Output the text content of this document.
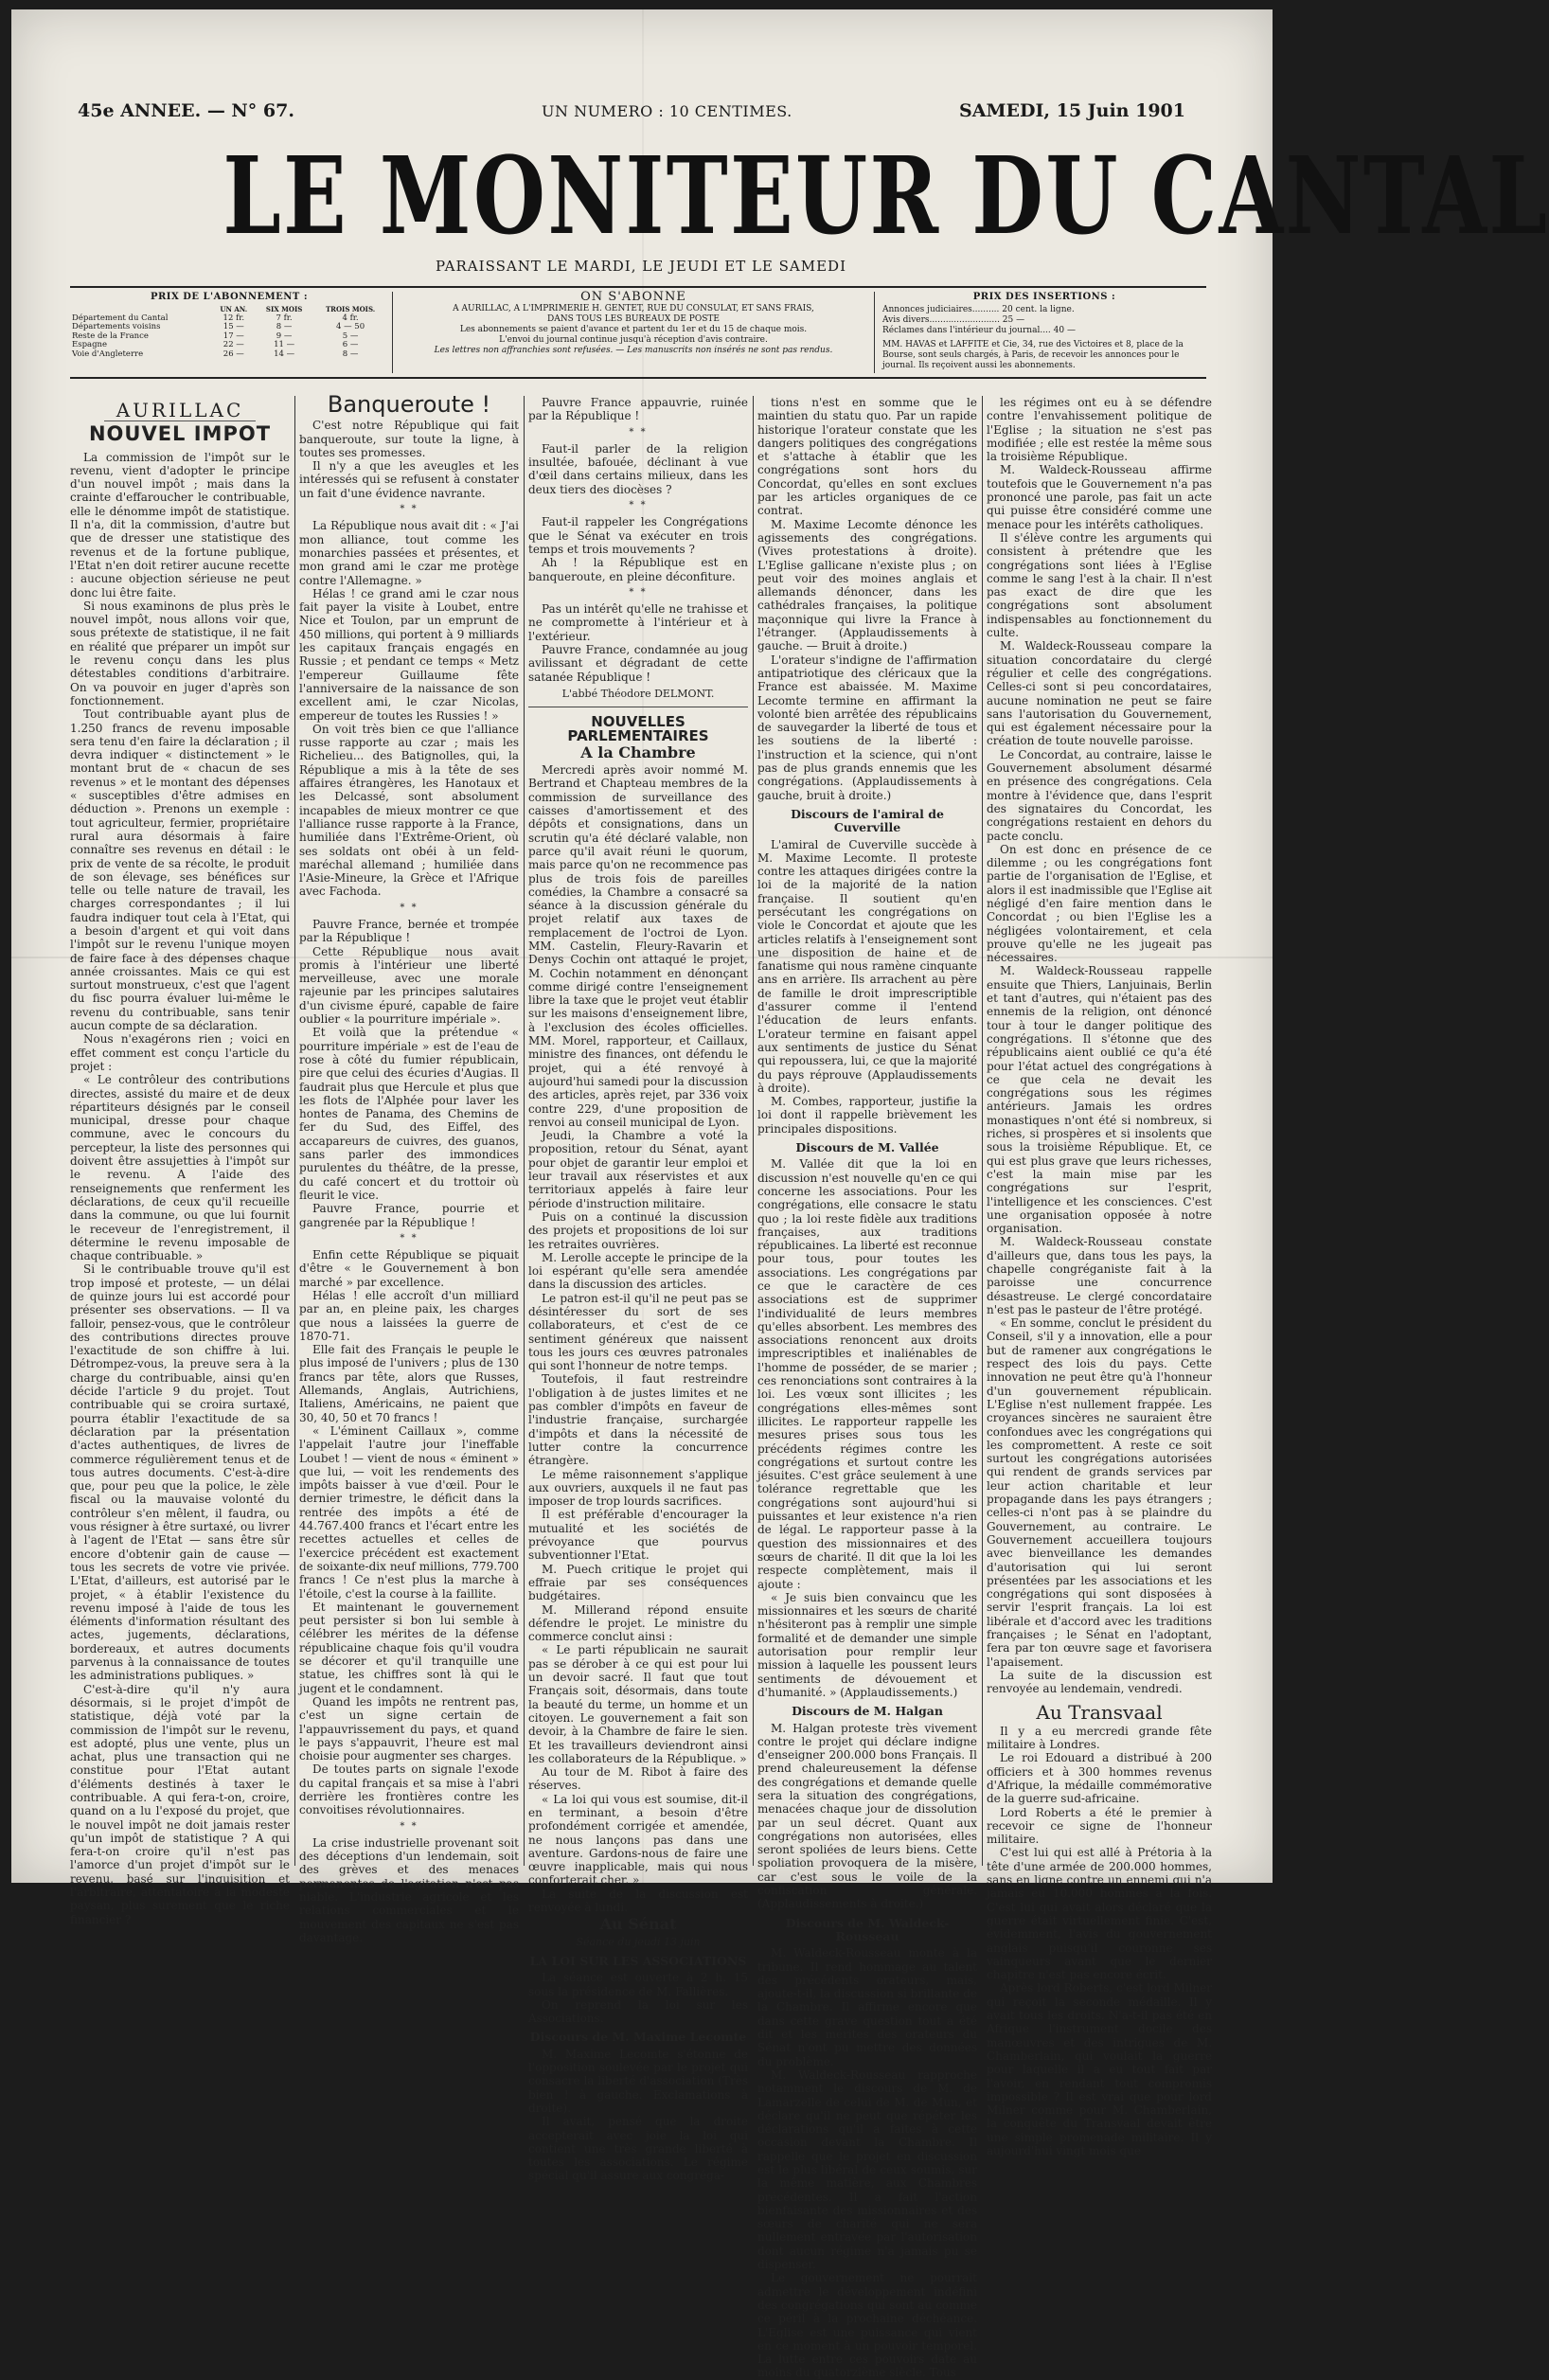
45e ANNEE. — N° 67.	UN NUMERO : 10 CENTIMES.	SAMEDI, 15 Juin 1901
LE MONITEUR DU CANTAL
PARAISSANT LE MARDI, LE JEUDI ET LE SAMEDI
PRIX DE L'ABONNEMENT :
	UN AN.	SIX MOIS	TROIS MOIS.
Département du Cantal	12 fr.	7 fr.	4 fr.
Départements voisins	15 —	8 —	4 — 50
Reste de la France	17 —	9 —	5 —
Espagne	22 —	11 —	6 —
Voie d'Angleterre	26 —	14 —	8 —
ON S'ABONNE
A AURILLAC, A L'IMPRIMERIE H. GENTET, RUE DU CONSULAT, ET SANS FRAIS,
DANS TOUS LES BUREAUX DE POSTE
Les abonnements se paient d'avance et partent du 1er et du 15 de chaque mois.
L'envoi du journal continue jusqu'à réception d'avis contraire.
Les lettres non affranchies sont refusées. — Les manuscrits non insérés ne sont pas rendus.
PRIX DES INSERTIONS :
Annonces judiciaires.......... 20 cent. la ligne.
Avis divers.......................... 25 —
Réclames dans l'intérieur du journal.... 40 —
MM. HAVAS et LAFFITE et Cie, 34, rue des Victoires et 8, place de la Bourse, sont seuls chargés, à Paris, de recevoir les annonces pour le journal. Ils reçoivent aussi les abonnements.
AURILLAC
NOUVEL IMPOT

La commission de l'impôt sur le revenu, vient d'adopter le principe d'un nouvel impôt ; mais dans la crainte d'effaroucher le contribuable, elle le dénomme impôt de statistique. Il n'a, dit la commission, d'autre but que de dresser une statistique des revenus et de la fortune publique, l'Etat n'en doit retirer aucune recette : aucune objection sérieuse ne peut donc lui être faite.

Si nous examinons de plus près le nouvel impôt, nous allons voir que, sous prétexte de statistique, il ne fait en réalité que préparer un impôt sur le revenu conçu dans les plus détestables conditions d'arbitraire. On va pouvoir en juger d'après son fonctionnement.

Tout contribuable ayant plus de 1.250 francs de revenu imposable sera tenu d'en faire la déclaration ; il devra indiquer « distinctement » le montant brut de « chacun de ses revenus » et le montant des dépenses « susceptibles d'être admises en déduction ». Prenons un exemple : tout agriculteur, fermier, propriétaire rural aura désormais à faire connaître ses revenus en détail : le prix de vente de sa récolte, le produit de son élevage, ses bénéfices sur telle ou telle nature de travail, les charges correspondantes ; il lui faudra indiquer tout cela à l'Etat, qui a besoin d'argent et qui voit dans l'impôt sur le revenu l'unique moyen de faire face à des dépenses chaque année croissantes. Mais ce qui est surtout monstrueux, c'est que l'agent du fisc pourra évaluer lui-même le revenu du contribuable, sans tenir aucun compte de sa déclaration.

Nous n'exagérons rien ; voici en effet comment est conçu l'article du projet :

« Le contrôleur des contributions directes, assisté du maire et de deux répartiteurs désignés par le conseil municipal, dresse pour chaque commune, avec le concours du percepteur, la liste des personnes qui doivent être assujetties à l'impôt sur le revenu. A l'aide des renseignements que renferment les déclarations, de ceux qu'il recueille dans la commune, ou que lui fournit le receveur de l'enregistrement, il détermine le revenu imposable de chaque contribuable. »

Si le contribuable trouve qu'il est trop imposé et proteste, — un délai de quinze jours lui est accordé pour présenter ses observations. — Il va falloir, pensez-vous, que le contrôleur des contributions directes prouve l'exactitude de son chiffre à lui. Détrompez-vous, la preuve sera à la charge du contribuable, ainsi qu'en décide l'article 9 du projet. Tout contribuable qui se croira surtaxé, pourra établir l'exactitude de sa déclaration par la présentation d'actes authentiques, de livres de commerce régulièrement tenus et de tous autres documents. C'est-à-dire que, pour peu que la police, le zèle fiscal ou la mauvaise volonté du contrôleur s'en mêlent, il faudra, ou vous résigner à être surtaxé, ou livrer à l'agent de l'Etat — sans être sûr encore d'obtenir gain de cause — tous les secrets de votre vie privée. L'Etat, d'ailleurs, est autorisé par le projet, « à établir l'existence du revenu imposé à l'aide de tous les éléments d'information résultant des actes, jugements, déclarations, bordereaux, et autres documents parvenus à la connaissance de toutes les administrations publiques. »

C'est-à-dire qu'il n'y aura désormais, si le projet d'impôt de statistique, déjà voté par la commission de l'impôt sur le revenu, est adopté, plus une vente, plus un achat, plus une transaction qui ne constitue pour l'Etat autant d'éléments destinés à taxer le contribuable. A qui fera-t-on, croire, quand on a lu l'exposé du projet, que le nouvel impôt ne doit jamais rester qu'un impôt de statistique ? A qui fera-t-on croire qu'il n'est pas l'amorce d'un projet d'impôt sur le revenu, basé sur l'inquisition et l'arbitraire, attentatoire à la modeste paysan, plus surement que le riche financier ?

Banqueroute !

C'est notre République qui fait banqueroute, sur toute la ligne, à toutes ses promesses.

Il n'y a que les aveugles et les intéressés qui se refusent à constater un fait d'une évidence navrante.

* *

La République nous avait dit : « J'ai mon alliance, tout comme les monarchies passées et présentes, et mon grand ami le czar me protège contre l'Allemagne. »

Hélas ! ce grand ami le czar nous fait payer la visite à Loubet, entre Nice et Toulon, par un emprunt de 450 millions, qui portent à 9 milliards les capitaux français engagés en Russie ; et pendant ce temps « Metz l'empereur Guillaume fête l'anniversaire de la naissance de son excellent ami, le czar Nicolas, empereur de toutes les Russies ! »

On voit très bien ce que l'alliance russe rapporte au czar ; mais les Richelieu... des Batignolles, qui, la République a mis à la tête de ses affaires étrangères, les Hanotaux et les Delcassé, sont absolument incapables de mieux montrer ce que l'alliance russe rapporte à la France, humiliée dans l'Extrême-Orient, où ses soldats ont obéi à un feld-maréchal allemand ; humiliée dans l'Asie-Mineure, la Grèce et l'Afrique avec Fachoda.

* *

Pauvre France, bernée et trompée par la République !

Cette République nous avait promis à l'intérieur une liberté merveilleuse, avec une morale rajeunie par les principes salutaires d'un civisme épuré, capable de faire oublier « la pourriture impériale ».

Et voilà que la prétendue « pourriture impériale » est de l'eau de rose à côté du fumier républicain, pire que celui des écuries d'Augias. Il faudrait plus que Hercule et plus que les flots de l'Alphée pour laver les hontes de Panama, des Chemins de fer du Sud, des Eiffel, des accapareurs de cuivres, des guanos, sans parler des immondices purulentes du théâtre, de la presse, du café concert et du trottoir où fleurit le vice.

Pauvre France, pourrie et gangrenée par la République !

* *

Enfin cette République se piquait d'être « le Gouvernement à bon marché » par excellence.

Hélas ! elle accroît d'un milliard par an, en pleine paix, les charges que nous a laissées la guerre de 1870-71.

Elle fait des Français le peuple le plus imposé de l'univers ; plus de 130 francs par tête, alors que Russes, Allemands, Anglais, Autrichiens, Italiens, Américains, ne paient que 30, 40, 50 et 70 francs !

« L'éminent Caillaux », comme l'appelait l'autre jour l'ineffable Loubet ! — vient de nous « éminent » que lui, — voit les rendements des impôts baisser à vue d'œil. Pour le dernier trimestre, le déficit dans la rentrée des impôts a été de 44.767.400 francs et l'écart entre les recettes actuelles et celles de l'exercice précédent est exactement de soixante-dix neuf millions, 779.700 francs ! Ce n'est plus la marche à l'étoile, c'est la course à la faillite.

Et maintenant le gouvernement peut persister si bon lui semble à célébrer les mérites de la défense républicaine chaque fois qu'il voudra se décorer et qu'il tranquille une statue, les chiffres sont là qui le jugent et le condamnent.

Quand les impôts ne rentrent pas, c'est un signe certain de l'appauvrissement du pays, et quand le pays s'appauvrit, l'heure est mal choisie pour augmenter ses charges.

De toutes parts on signale l'exode du capital français et sa mise à l'abri derrière les frontières contre les convoitises révolutionnaires.

* *

La crise industrielle provenant soit des déceptions d'un lendemain, soit des grèves et des menaces permanentes de l'agitation n'est pas niable. L'industrie agricole et les relations commerciales et le mouvement des capitaux ne s'est pas davantage.

Pauvre France appauvrie, ruinée par la République !

* *

Faut-il parler de la religion insultée, bafouée, déclinant à vue d'œil dans certains milieux, dans les deux tiers des diocèses ?

* *

Faut-il rappeler les Congrégations que le Sénat va exécuter en trois temps et trois mouvements ?

Ah ! la République est en banqueroute, en pleine déconfiture.

* *

Pas un intérêt qu'elle ne trahisse et ne compromette à l'intérieur et à l'extérieur.

Pauvre France, condamnée au joug avilissant et dégradant de cette satanée République !

L'abbé Théodore DELMONT.
NOUVELLES PARLEMENTAIRES
A la Chambre

Mercredi après avoir nommé M. Bertrand et Chapteau membres de la commission de surveillance des caisses d'amortissement et des dépôts et consignations, dans un scrutin qu'a été déclaré valable, non parce qu'il avait réuni le quorum, mais parce qu'on ne recommence pas plus de trois fois de pareilles comédies, la Chambre a consacré sa séance à la discussion générale du projet relatif aux taxes de remplacement de l'octroi de Lyon. MM. Castelin, Fleury-Ravarin et Denys Cochin ont attaqué le projet, M. Cochin notamment en dénonçant comme dirigé contre l'enseignement libre la taxe que le projet veut établir sur les maisons d'enseignement libre, à l'exclusion des écoles officielles. MM. Morel, rapporteur, et Caillaux, ministre des finances, ont défendu le projet, qui a été renvoyé à aujourd'hui samedi pour la discussion des articles, après rejet, par 336 voix contre 229, d'une proposition de renvoi au conseil municipal de Lyon.

Jeudi, la Chambre a voté la proposition, retour du Sénat, ayant pour objet de garantir leur emploi et leur travail aux réservistes et aux territoriaux appelés à faire leur période d'instruction militaire.

Puis on a continué la discussion des projets et propositions de loi sur les retraites ouvrières.

M. Lerolle accepte le principe de la loi espérant qu'elle sera amendée dans la discussion des articles.

Le patron est-il qu'il ne peut pas se désintéresser du sort de ses collaborateurs, et c'est de ce sentiment généreux que naissent tous les jours ces œuvres patronales qui sont l'honneur de notre temps.

Toutefois, il faut restreindre l'obligation à de justes limites et ne pas combler d'impôts en faveur de l'industrie française, surchargée d'impôts et dans la nécessité de lutter contre la concurrence étrangère.

Le même raisonnement s'applique aux ouvriers, auxquels il ne faut pas imposer de trop lourds sacrifices.

Il est préférable d'encourager la mutualité et les sociétés de prévoyance que pourvus subventionner l'Etat.

M. Puech critique le projet qui effraie par ses conséquences budgétaires.

M. Millerand répond ensuite défendre le projet. Le ministre du commerce conclut ainsi :

« Le parti républicain ne saurait pas se dérober à ce qui est pour lui un devoir sacré. Il faut que tout Français soit, désormais, dans toute la beauté du terme, un homme et un citoyen. Le gouvernement a fait son devoir, à la Chambre de faire le sien. Et les travailleurs deviendront ainsi les collaborateurs de la République. »

Au tour de M. Ribot à faire des réserves.

« La loi qui vous est soumise, dit-il en terminant, a besoin d'être profondément corrigée et amendée, ne nous lançons pas dans une aventure. Gardons-nous de faire une œuvre inapplicable, mais qui nous conforterait cher. »

La suite de la discussion est renvoyée à lundi.

Au Sénat
Séance du jeudi 13 juin
LA LOI SUR LES ASSOCIATIONS

La séance est ouverte à 2 h. 15 sous la présidence de M. Fallières.

On reprend la loi sur les Associations.

Discours de M. Maxime Lecomte

M. Maxime Lecomte s'étonne de l'opposition soulevée par le projet qui consacre la liberté d'association (Très bien ! à gauche. Exclamations à droite).

Il avait, pensé que la droite accepterait avec joie la loi qui contient une très grande liberté à toutes les associations. Le régime spécial qu'il assure aux congréga-

tions n'est en somme que le maintien du statu quo. Par un rapide historique l'orateur constate que les dangers politiques des congrégations et s'attache à établir que les congrégations sont hors du Concordat, qu'elles en sont exclues par les articles organiques de ce contrat.

M. Maxime Lecomte dénonce les agissements des congrégations. (Vives protestations à droite). L'Eglise gallicane n'existe plus ; on peut voir des moines anglais et allemands dénoncer, dans les cathédrales françaises, la politique maçonnique qui livre la France à l'étranger. (Applaudissements à gauche. — Bruit à droite.)

L'orateur s'indigne de l'affirmation antipatriotique des cléricaux que la France est abaissée. M. Maxime Lecomte termine en affirmant la volonté bien arrêtée des républicains de sauvegarder la liberté de tous et les soutiens de la liberté : l'instruction et la science, qui n'ont pas de plus grands ennemis que les congrégations. (Applaudissements à gauche, bruit à droite.)

Discours de l'amiral de Cuverville

L'amiral de Cuverville succède à M. Maxime Lecomte. Il proteste contre les attaques dirigées contre la loi de la majorité de la nation française. Il soutient qu'en persécutant les congrégations on viole le Concordat et ajoute que les articles relatifs à l'enseignement sont une disposition de haine et de fanatisme qui nous ramène cinquante ans en arrière. Ils arrachent au père de famille le droit imprescriptible d'assurer comme il l'entend l'éducation de leurs enfants. L'orateur termine en faisant appel aux sentiments de justice du Sénat qui repoussera, lui, ce que la majorité du pays réprouve (Applaudissements à droite).

M. Combes, rapporteur, justifie la loi dont il rappelle brièvement les principales dispositions.

Discours de M. Vallée

M. Vallée dit que la loi en discussion n'est nouvelle qu'en ce qui concerne les associations. Pour les congrégations, elle consacre le statu quo ; la loi reste fidèle aux traditions françaises, aux traditions républicaines. La liberté est reconnue pour tous, pour toutes les associations. Les congrégations par ce que le caractère de ces associations est de supprimer l'individualité de leurs membres qu'elles absorbent. Les membres des associations renoncent aux droits imprescriptibles et inaliénables de l'homme de posséder, de se marier ; ces renonciations sont contraires à la loi. Les vœux sont illicites ; les congrégations elles-mêmes sont illicites. Le rapporteur rappelle les mesures prises sous tous les précédents régimes contre les congrégations et surtout contre les jésuites. C'est grâce seulement à une tolérance regrettable que les congrégations sont aujourd'hui si puissantes et leur existence n'a rien de légal. Le rapporteur passe à la question des missionnaires et des sœurs de charité. Il dit que la loi les respecte complètement, mais il ajoute :

« Je suis bien convaincu que les missionnaires et les sœurs de charité n'hésiteront pas à remplir une simple formalité et de demander une simple autorisation pour remplir leur mission à laquelle les poussent leurs sentiments de dévouement et d'humanité. » (Applaudissements.)

Discours de M. Halgan

M. Halgan proteste très vivement contre le projet qui déclare indigne d'enseigner 200.000 bons Français. Il prend chaleureusement la défense des congrégations et demande quelle sera la situation des congrégations, menacées chaque jour de dissolution par un seul décret. Quant aux congrégations non autorisées, elles seront spoliées de leurs biens. Cette spoliation provoquera de la misère, car c'est sous le voile de la confiscation générale. (Applaudissements à droite.)

Discours de M. Waldeck-Rousseau

M. Waldeck-Rousseau monte à la tribune. Il rend hommage au talent des précédents orateurs, mais, ajoute-t-il, la discussion si brillante de la Chambre. Il affirme encore que dans cette grave question tout a été dit et les mérites des orateurs du Sénat n'ont pu mettre des données du problème.

M. Waldeck-Rousseau rapproche notamment le discours de M. de Lamarzelle de celui de M. de Mun, et déclare qu'il ne peut que répéter les déclarations qu'il a faites à cette occasion devant la Chambre. Il rappelle que le projet en discussion est le plus libéral de ceux soumis, sur la même matière, aux Chambres précédentes. Il a fait l'action bienfaisante des missionnaires et des sœurs de charité qui ne sera nullement entravée par l'autorisation dont aucun régime n'a jamais pu se dispenser.

Le gouvernement ne pourrait admettre le développement indéfini des congrégations qui sont au comme ce péril à la prochaine déchéance. L'Eglise est une puissance qui vient en ce moment à un pouvoir temporel. La lutte entre ces pouvoirs date au moins du quatorzième siècle. Tous

les régimes ont eu à se défendre contre l'envahissement politique de l'Eglise ; la situation ne s'est pas modifiée ; elle est restée la même sous la troisième République.

M. Waldeck-Rousseau affirme toutefois que le Gouvernement n'a pas prononcé une parole, pas fait un acte qui puisse être considéré comme une menace pour les intérêts catholiques.

Il s'élève contre les arguments qui consistent à prétendre que les congrégations sont liées à l'Eglise comme le sang l'est à la chair. Il n'est pas exact de dire que les congrégations sont absolument indispensables au fonctionnement du culte.

M. Waldeck-Rousseau compare la situation concordataire du clergé régulier et celle des congrégations. Celles-ci sont si peu concordataires, aucune nomination ne peut se faire sans l'autorisation du Gouvernement, qui est également nécessaire pour la création de toute nouvelle paroisse.

Le Concordat, au contraire, laisse le Gouvernement absolument désarmé en présence des congrégations. Cela montre à l'évidence que, dans l'esprit des signataires du Concordat, les congrégations restaient en dehors du pacte conclu.

On est donc en présence de ce dilemme ; ou les congrégations font partie de l'organisation de l'Eglise, et alors il est inadmissible que l'Eglise ait négligé d'en faire mention dans le Concordat ; ou bien l'Eglise les a négligées volontairement, et cela prouve qu'elle ne les jugeait pas nécessaires.

M. Waldeck-Rousseau rappelle ensuite que Thiers, Lanjuinais, Berlin et tant d'autres, qui n'étaient pas des ennemis de la religion, ont dénoncé tour à tour le danger politique des congrégations. Il s'étonne que des républicains aient oublié ce qu'a été pour l'état actuel des congrégations à ce que cela ne devait les congrégations sous les régimes antérieurs. Jamais les ordres monastiques n'ont été si nombreux, si riches, si prospères et si insolents que sous la troisième République. Et, ce qui est plus grave que leurs richesses, c'est la main mise par les congrégations sur l'esprit, l'intelligence et les consciences. C'est une organisation opposée à notre organisation.

M. Waldeck-Rousseau constate d'ailleurs que, dans tous les pays, la chapelle congréganiste fait à la paroisse une concurrence désastreuse. Le clergé concordataire n'est pas le pasteur de l'être protégé.

« En somme, conclut le président du Conseil, s'il y a innovation, elle a pour but de ramener aux congrégations le respect des lois du pays. Cette innovation ne peut être qu'à l'honneur d'un gouvernement républicain. L'Eglise n'est nullement frappée. Les croyances sincères ne sauraient être confondues avec les congrégations qui les compromettent. A reste ce soit surtout les congrégations autorisées qui rendent de grands services par leur action charitable et leur propagande dans les pays étrangers ; celles-ci n'ont pas à se plaindre du Gouvernement, au contraire. Le Gouvernement accueillera toujours avec bienveillance les demandes d'autorisation qui lui seront présentées par les associations et les congrégations qui sont disposées à servir l'esprit français. La loi est libérale et d'accord avec les traditions françaises ; le Sénat en l'adoptant, fera par ton œuvre sage et favorisera l'apaisement.

La suite de la discussion est renvoyée au lendemain, vendredi.

Au Transvaal

Il y a eu mercredi grande fête militaire à Londres.

Le roi Edouard a distribué à 200 officiers et à 300 hommes revenus d'Afrique, la médaille commémorative de la guerre sud-africaine.

Lord Roberts a été le premier à recevoir ce signe de l'honneur militaire.

C'est lui qui est allé à Prétoria à la tête d'une armée de 200.000 hommes, sans en ligne contre un ennemi qui n'a jamais eu 10.000 hommes à la fois. C'est lui qui avait alors déclaré que la guerre était virtuellement finie. C'est, évidemment, l'avis du gouvernement anglais puisqu'il couronne ses vainqueurs avant que le dernier chapitre n'est pas encore écrit.

Après lord Roberts, c'est lord Milner qui reçoit la seconde médaille. Il y avait tous les droits. N'a-t-il pas été en Afrique l'instrument docile des manœuvres et des intrigues de M. Chamberlain, qui voulait la guerre pour laquelle il a eu tout fait par l'avoir, en rendant tout compromis impossible ? Il est vrai que pour lord Milner comme pour M. Chamberlain, la conquête du Transvaal devait être une simple promenade militaire. Il y aujourd'hui vingt mois que
